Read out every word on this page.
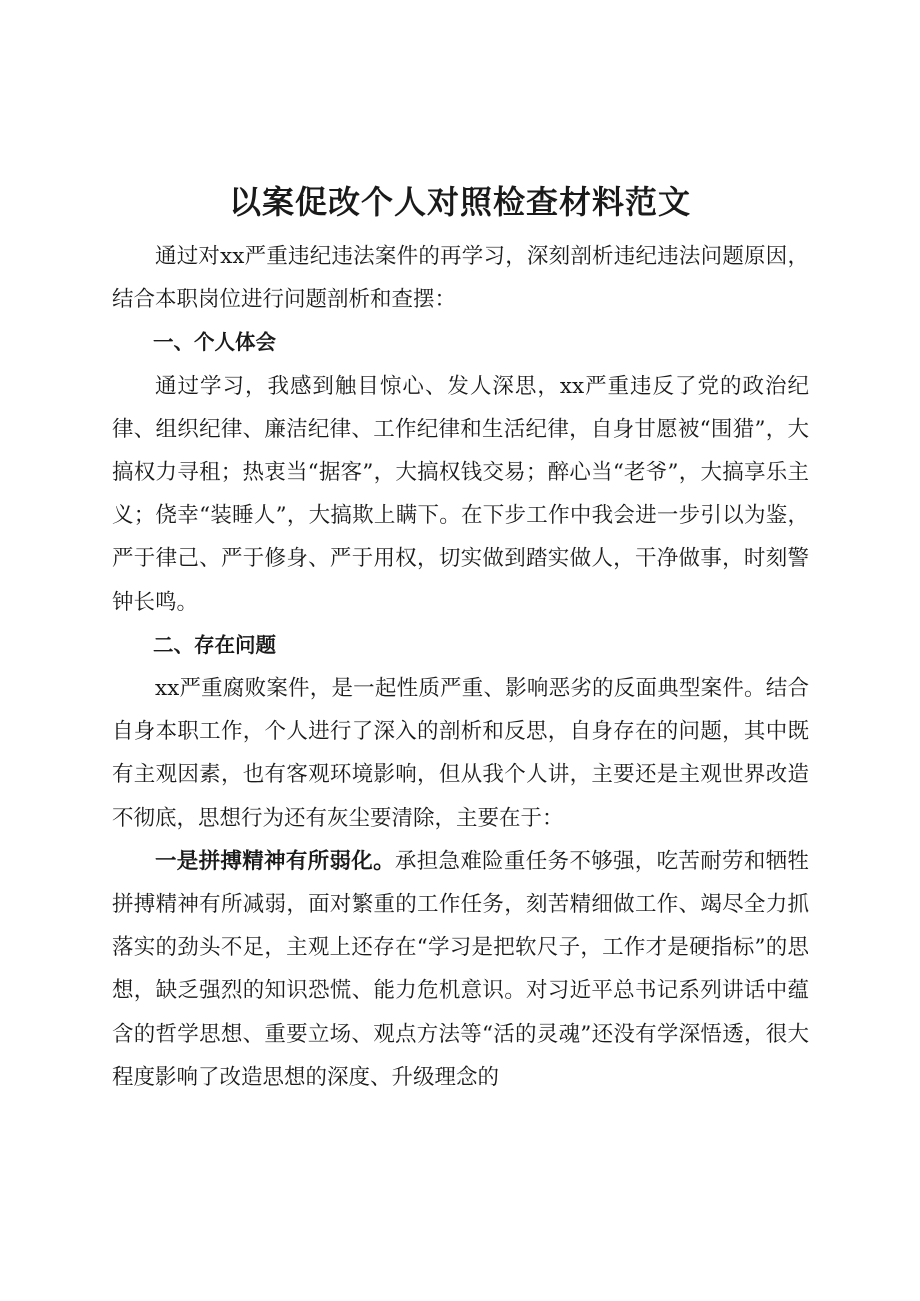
以案促改个人对照检查材料范文

通过对xx严重违纪违法案件的再学习，深刻剖析违纪违法问题原因，结合本职岗位进行问题剖析和查摆：

一、个人体会

通过学习，我感到触目惊心、发人深思，xx严重违反了党的政治纪律、组织纪律、廉洁纪律、工作纪律和生活纪律，自身甘愿被“围猎”，大搞权力寻租；热衷当“据客”，大搞权钱交易；醉心当“老爷”，大搞享乐主义；侥幸“装睡人”，大搞欺上瞒下。在下步工作中我会进一步引以为鉴，严于律己、严于修身、严于用权，切实做到踏实做人，干净做事，时刻警钟长鸣。

二、存在问题

xx严重腐败案件，是一起性质严重、影响恶劣的反面典型案件。结合自身本职工作，个人进行了深入的剖析和反思，自身存在的问题，其中既有主观因素，也有客观环境影响，但从我个人讲，主要还是主观世界改造不彻底，思想行为还有灰尘要清除，主要在于：

一是拼搏精神有所弱化。承担急难险重任务不够强，吃苦耐劳和牺牲拼搏精神有所减弱，面对繁重的工作任务，刻苦精细做工作、竭尽全力抓落实的劲头不足，主观上还存在“学习是把软尺子，工作才是硬指标”的思想，缺乏强烈的知识恐慌、能力危机意识。对习近平总书记系列讲话中蕴含的哲学思想、重要立场、观点方法等“活的灵魂”还没有学深悟透，很大程度影响了改造思想的深度、升级理念的
